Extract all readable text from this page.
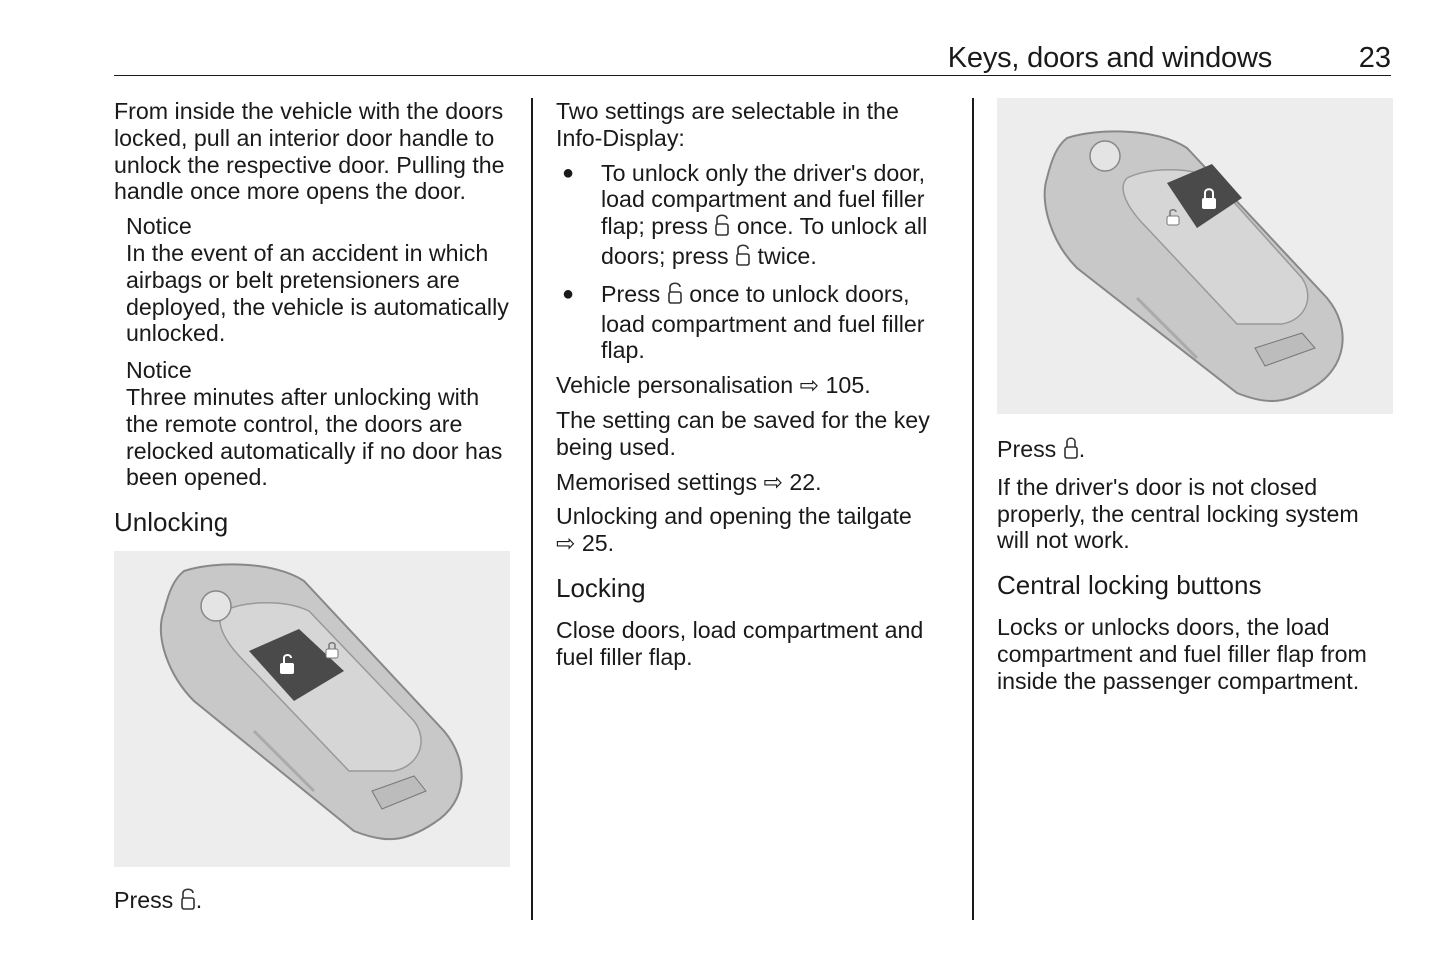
Keys, doors and windows	23

From inside the vehicle with the doors locked, pull an interior door handle to unlock the respective door. Pulling the handle once more opens the door.

Notice
In the event of an accident in which airbags or belt pretensioners are deployed, the vehicle is automatically unlocked.
Notice
Three minutes after unlocking with the remote control, the doors are relocked automatically if no door has been opened.
Unlocking

Press .

Two settings are selectable in the Info-Display:

● To unlock only the driver's door, load compartment and fuel filler flap; press once. To unlock all doors; press twice.
● Press once to unlock doors, load compartment and fuel filler flap.

Vehicle personalisation ⇨ 105.

The setting can be saved for the key being used.

Memorised settings ⇨ 22.

Unlocking and opening the tailgate
⇨ 25.

Locking

Close doors, load compartment and fuel filler flap.

Press .

If the driver's door is not closed properly, the central locking system will not work.

Central locking buttons

Locks or unlocks doors, the load compartment and fuel filler flap from inside the passenger compartment.
